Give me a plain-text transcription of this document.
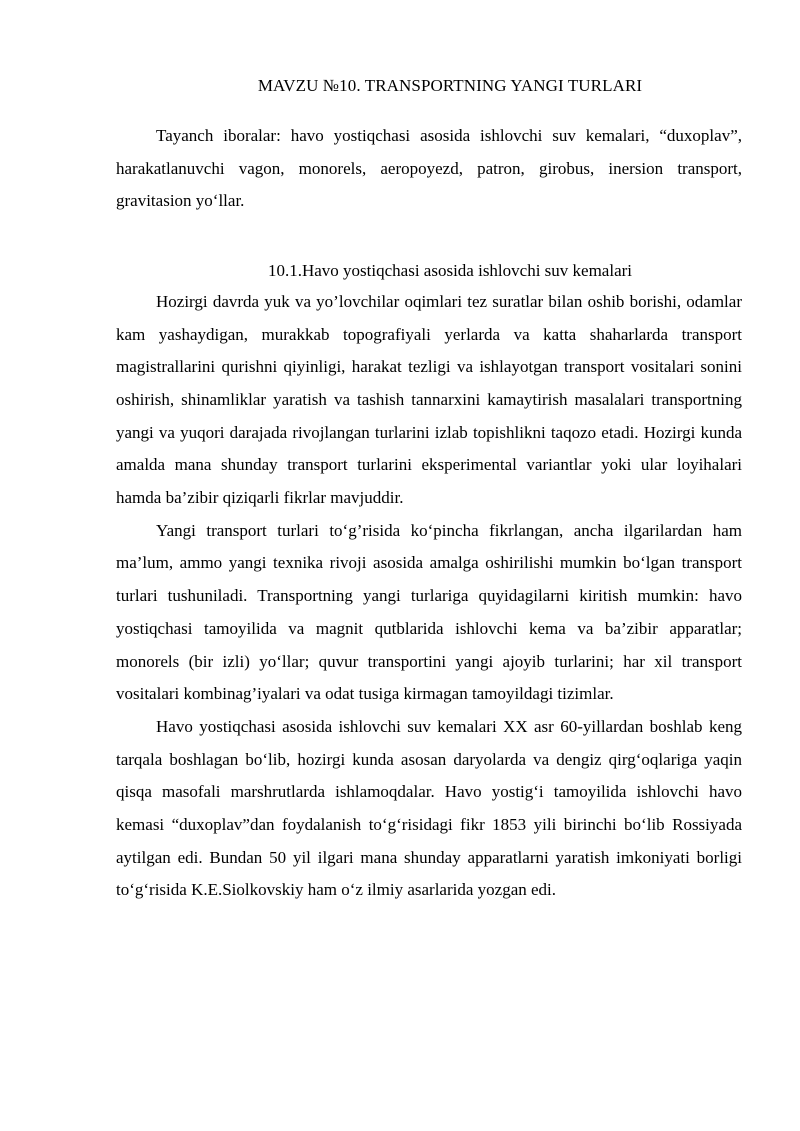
MAVZU №10. TRANSPORTNING YANGI TURLARI

Tayanch iboralar: havo yostiqchasi asosida ishlovchi suv kemalari, “duxoplav”, harakatlanuvchi vagon, monorels, aeropoyezd, patron, girobus, inersion transport, gravitasion yo‘llar.

10.1.Havo yostiqchasi asosida ishlovchi suv kemalari

Hozirgi davrda yuk va yo’lovchilar oqimlari tez suratlar bilan oshib borishi, odamlar kam yashaydigan, murakkab topografiyali yerlarda va katta shaharlarda transport magistrallarini qurishni qiyinligi, harakat tezligi va ishlayotgan transport vositalari sonini oshirish, shinamliklar yaratish va tashish tannarxini kamaytirish masalalari transportning yangi va yuqori darajada rivojlangan turlarini izlab topishlikni taqozo etadi. Hozirgi kunda amalda mana shunday transport turlarini eksperimental variantlar yoki ular loyihalari hamda ba’zibir qiziqarli fikrlar mavjuddir.

Yangi transport turlari to‘g’risida ko‘pincha fikrlangan, ancha ilgarilardan ham ma’lum, ammo yangi texnika rivoji asosida amalga oshirilishi mumkin bo‘lgan transport turlari tushuniladi. Transportning yangi turlariga quyidagilarni kiritish mumkin: havo yostiqchasi tamoyilida va magnit qutblarida ishlovchi kema va ba’zibir apparatlar; monorels (bir izli) yo‘llar; quvur transportini yangi ajoyib turlarini; har xil transport vositalari kombinag’iyalari va odat tusiga kirmagan tamoyildagi tizimlar.

Havo yostiqchasi asosida ishlovchi suv kemalari XX asr 60-yillardan boshlab keng tarqala boshlagan bo‘lib, hozirgi kunda asosan daryolarda va dengiz qirg‘oqlariga yaqin qisqa masofali marshrutlarda ishlamoqdalar. Havo yostig‘i tamoyilida ishlovchi havo kemasi “duxoplav”dan foydalanish to‘g‘risidagi fikr 1853 yili birinchi bo‘lib Rossiyada aytilgan edi. Bundan 50 yil ilgari mana shunday apparatlarni yaratish imkoniyati borligi to‘g‘risida K.E.Siolkovskiy ham o‘z ilmiy asarlarida yozgan edi.
